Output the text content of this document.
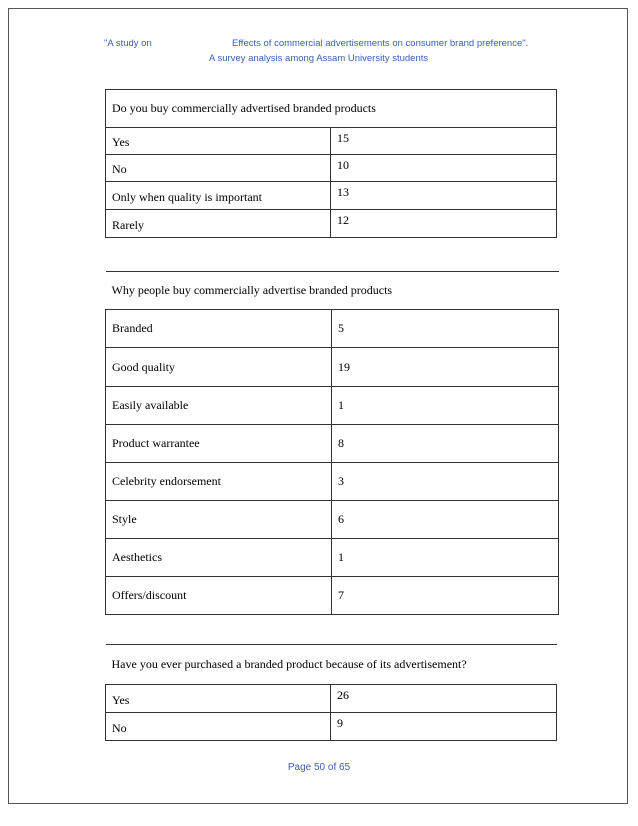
"A study on	Effects of commercial advertisements on consumer brand preference".
A survey analysis among Assam University students
Do you buy commercially advertised branded products	
Yes	15
No	10
Only when quality is important	13
Rarely	12
Why people buy commercially advertise branded products	
Branded	5
Good quality	19
Easily available	1
Product warrantee	8
Celebrity endorsement	3
Style	6
Aesthetics	1
Offers/discount	7
Have you ever purchased a branded product because of its advertisement?	
Yes	26
No	9
Page 50 of 65
